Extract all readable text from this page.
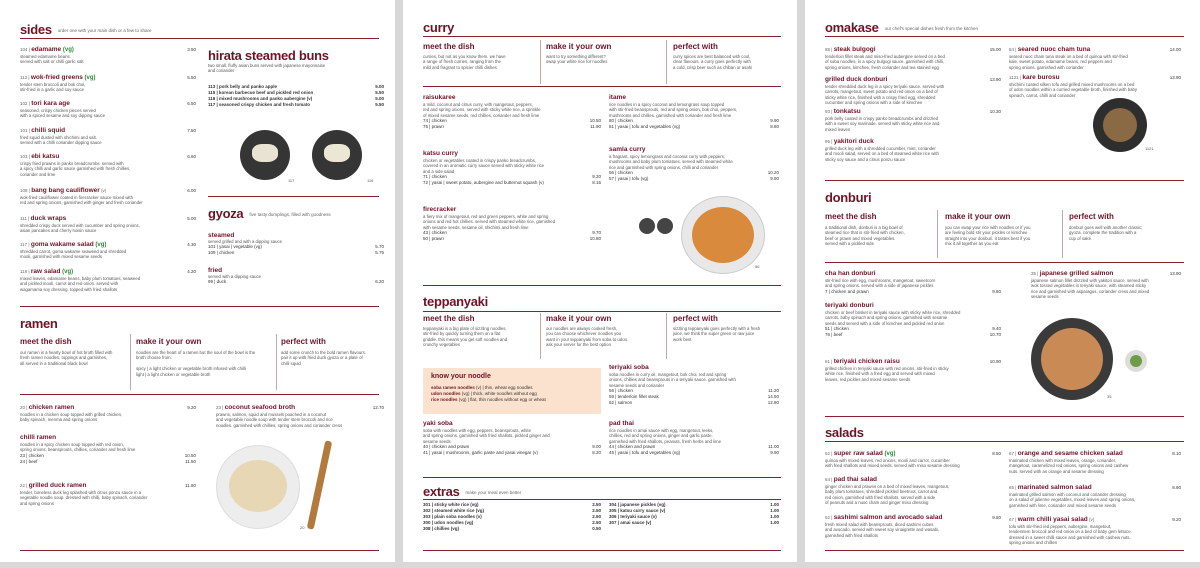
sides order one with your main dish or a few to share
104 | edamame (vg)	3.50
steamed edamame beans.
served with salt or chilli garlic salt
112 | wok-fried greens (vg)	5.50
tender stem broccoli and bok choi,
stir-fried in a garlic and soy sauce
102 | tori kara age	6.50
seasoned, crispy chicken pieces served
with a spiced sesame and soy dipping sauce
101 | chilli squid	7.50
fried squid dusted with shichimi and salt.
served with a chilli coriander dipping sauce
103 | ebi katsu	6.60
crispy fried prawns in panko breadcrumbs. served with
a spicy chilli and garlic sauce garnished with fresh chillies,
coriander and lime
108 | bang bang cauliflower (v)	6.00
wok-fried cauliflower coated in firecracker sauce mixed with
red and spring onions, garnished with ginger and fresh coriander
111 | duck wraps	5.00
shredded crispy duck served with cucumber and spring onions,
asian pancakes and cherry hoisin sauce
117 | goma wakame salad (vg)	4.30
shredded carrot, goma wakame seaweed and shredded
mooli, garnished with mixed sesame seeds
118 | raw salad (vg)	4.20
mixed leaves, edamame beans, baby plum tomatoes, seaweed
and pickled mooli, carrot and red onion. served with
wagamama soy dressing. topped with fried shallots
hirata steamed buns
two small, fluffy asian buns served with japanese mayonnaise
and coriander
113 | pork belly and panko apple	5.00
115 | korean barbecue beef and pickled red onion	5.50
116 | mixed mushrooms and panko aubergine (v)	5.00
117 | seasoned crispy chicken and fresh tomato	5.50
117	116
gyoza five tasty dumplings, filled with goodness
steamed
served grilled and with a dipping sauce
101 | yasai | vegetable (vg)	5.70
109 | chicken	5.75
fried
served with a dipping sauce
99 | duck	6.20
ramen
meet the dish
our ramen is a hearty bowl of hot broth filled with
fresh ramen noodles, toppings and garnishes,
all served in a traditional black bowl
make it your own
noodles are the heart of a ramen but the soul of the bowl is the
broth choose from:
spicy | a light chicken or vegetable broth infused with chilli
light | a light chicken or vegetable broth
perfect with
add some crunch to the bold ramen flavours.
pair it up with fried duck gyoza or a plate of
chilli squid
20 | chicken ramen	9.20
noodles in a chicken soup topped with grilled chicken,
baby spinach, menma and spring onions
chilli ramen
noodles in a spicy chicken soup topped with red onion,
spring onions, beansprouts, chillies, coriander and fresh lime
23 | chicken	10.50
24 | beef	11.50
22 | grilled duck ramen	11.80
tender, boneless duck leg splashed with citrus ponzu sauce in a
vegetable noodle soup. dressed with chilli, baby spinach, coriander
and spring onions
23 | coconut seafood broth	12.70
prawns, salmon, squid and mussels poached in a coconut
and vegetable noodle soup with tender stem broccoli and rice
noodles. garnished with chillies, spring onions and coriander cress
20
curry
meet the dish
curries, but not as you know them. we have
a range of fresh curries, ranging from the
mild and fragrant to spicier chilli dishes
make it your own
want to try something different?
swap your white rice for noodles
perfect with
curry spices are best balanced with cool,
clear flavours. a curry goes perfectly with
a cold, crisp beer such as chiban or asahi
raisukaree
a mild, coconut and citrus curry, with mangetout, peppers,
red and spring onions, served with sticky white rice, a sprinkle
of mixed sesame seeds, red chillies, coriander and fresh lime
74 | chicken	10.50
75 | prawn	11.90
katsu curry
chicken or vegetables coated in crispy panko breadcrumbs,
covered in an aromatic curry sauce served with sticky white rice
and a side salad
71 | chicken	9.20
72 | yasai | sweet potato, aubergine and butternut squash (v)	8.15
firecracker
a fiery mix of mangetout, red and green peppers, white and spring
onions and red hot chillies. served with steamed white rice, garnished
with sesame seeds, sesame oil, shichimi and fresh lime
43 | chicken	9.70
50 | prawn	10.80
itame
rice noodles in a spicy coconut and lemongrass soup topped
with stir-fried beansprouts, red and spring onion, bok choi, peppers,
mushrooms and chillies. garnished with coriander and fresh lime
80 | chicken	9.90
81 | yasai | tofu and vegetables (vg)	8.80
samla curry
a fragrant, spicy lemongrass and coconut curry with peppers,
mushrooms and baby plum tomatoes. served with steamed white
rice and garnished with spring onions, chilli and coriander
56 | chicken	10.20
57 | yasai | tofu (vg)	9.90
56
teppanyaki
meet the dish
teppanyaki is a big plate of sizzling noodles,
stir-fried by quickly turning them on a flat
griddle. this means you get soft noodles and
crunchy vegetables
make it your own
our noodles are always cooked fresh,
you can choose whichever noodles you
want in your teppanyaki from soba to udon.
ask your server for the best option
perfect with
sizzling teppanyaki goes perfectly with a fresh
juice. we think the super green or raw juice
work best
know your noodle
soba ramen noodles (v) | thin, wheat egg noodles
udon noodles (vg) | thick, white noodles without egg
rice noodles (vg) | flat, thin noodles without egg or wheat
yaki soba
soba with noodles with egg, peppers, beansprouts, white
and spring onions. garnished with fried shallots, pickled ginger and
sesame seeds
40 | chicken and prawn	9.00
41 | yasai | mushrooms, garlic paste and yasai vinegar (v)	8.20
teriyaki soba
soba noodles in curry oil, mangetout, bok choi, red and spring
onions, chillies and beansprouts in a teriyaki sauce. garnished with
sesame seeds and coriander
56 | chicken	11.20
59 | tenderloin fillet steak	14.50
62 | salmon	12.80
pad thai
rice noodles in amai sauce with egg, mangetout, leeks,
chillies, red and spring onions, ginger and garlic paste.
garnished with fried shallots, peanuts, fresh herbs and lime
44 | chicken and prawn	11.00
45 | yasai | tofu and vegetables (vg)	9.90
extras make your meal even better
301 | sticky white rice (vg)	2.50
302 | steamed white rice (vg)	2.50
303 | plain soba noodles (v)	2.50
300 | udon noodles (vg)	2.50
308 | chillies (vg)	0.50
304 | japanese pickles (vg)	1.00
305 | katsu curry sauce (v)	1.00
306 | teriyaki sauce (v)	1.00
307 | amai sauce (v)	1.00
omakase our chef's special dishes fresh from the kitchen
88 | steak bulgogi	15.00
tenderloin fillet steak and miso-fried aubergine served on a bed
of soba noodles, in a spicy bulgogi sauce. garnished with chilli,
spring onions, kimchee, fresh coriander and tea stained egg
grilled duck donburi	13.90
tender shredded duck leg in a spicy teriyaki sauce. served with
carrots, mangetout, sweet potato and red onion on a bed of
sticky white rice, finished with a crispy fried egg, shredded
cucumber and spring onions with a side of kimchee
93 | tonkatsu	10.30
pork belly coated in crispy panko breadcrumbs and drizzled
with a sweet soy marinade. served with sticky white rice and
mixed leaves
95 | yakitori duck
grilled duck leg with a shredded cucumber, mint, coriander
and mooli salad, served on a bed of steamed white rice with
sticky soy sauce and a citrus ponzu sauce
84 | seared nuoc cham tuna	14.00
seared nuoc cham tuna steak on a bed of quinoa with stir-fried
kale, sweet potato, edamame beans, red peppers and
spring onions. garnished with coriander
1121 | kare burosu	13.90
shichimi coated silken tofu and grilled mixed mushrooms on a bed
of udon noodles within a curried vegetable broth, finished with baby
spinach, carrot, chilli and coriander
1121
donburi
meet the dish
a traditional dish, donburi is a big bowl of
steamed rice that is stir-fried with chicken,
beef or prawn and mixed vegetables.
served with a pickled side
make it your own
you can swap your rice with noodles or if you
are feeling bold stir your pickles or kimchee
straight into your donburi. it tastes best if you
mix it all together as you eat
perfect with
donburi goes well with another classic;
gyoza. complete the tradition with a
cup of saké
cha han donburi
stir-fried rice with egg, mushrooms, mangetout, sweetcorn
and spring onions. served with a side of japanese pickles
7 | chicken and prawn	9.60
teriyaki donburi
chicken or beef brisket in teriyaki sauce with sticky white rice, shredded
carrots, baby spinach and spring onions. garnished with sesame
seeds and served with a side of kimchee and pickled red onion
51 | chicken	9.40
76 | beef	10.70
61 | teriyaki chicken raisu	10.90
grilled chicken in teriyaki sauce with red onions, stir-fried in sticky
white rice. finished with a fried egg and served with mixed
leaves, red pickles and mixed sesame seeds
35 | japanese grilled salmon	13.90
japanese salmon fillet drizzled with yakitori sauce. served with
wok tossed vegetables in teriyaki sauce, with steamed sticky
rice and garnished with asparagus, coriander cress and mixed
sesame seeds
35
salads
62 | super raw salad (vg)	8.50
quinoa with mixed leaves, red onions, mooli and carrot, cucumber
with fried shallots and mixed seeds. served with miso sesame dressing
64 | pad thai salad
ginger chicken and prawns on a bed of mixed leaves, mangetout,
baby plum tomatoes, shredded pickled beetroot, carrot and
red onion, garnished with fried shallots. served with a side
of peanuts and a nuoc cham and ginger miso dressing
62 | sashimi salmon and avocado salad	9.50
fresh mixed salad with beansprouts, diced sashimi cubes
and avocado. served with sweet soy vinaigrette and wasabi,
garnished with fried shallots
67 | orange and sesame chicken salad	8.10
marinated chicken with mixed leaves, orange, coriander,
mangetout, caramelized red onions, spring onions and cashew
nuts. served with an orange and sesame dressing
65 | marinated salmon salad	8.90
marinated grilled salmon with coconut and coriander dressing
on a salad of julienne vegetables, mixed leaves and spring onions,
garnished with lime, coriander and mixed sesame seeds
67 | warm chilli yasai salad (v)	9.20
tofu with stir-fried red peppers, aubergine, mangetout,
tenderstem broccoli and red onion on a bed of baby gem lettuce.
dressed in a sweet chilli sauce and garnished with cashew nuts,
spring onions and chillies
